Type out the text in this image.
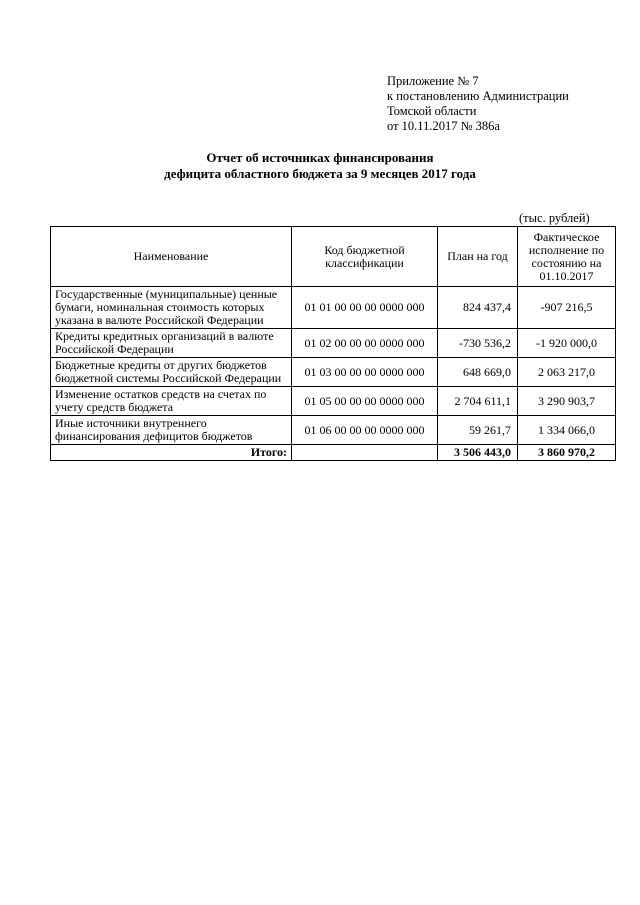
Приложение № 7
к постановлению Администрации
Томской области
от 10.11.2017 № 386а
Отчет об источниках финансирования
дефицита областного бюджета за 9 месяцев 2017 года
(тыс. рублей)
Наименование	Код бюджетной классификации	План на год	Фактическое исполнение по состоянию на 01.10.2017
Государственные (муниципальные) ценные бумаги, номинальная стоимость которых указана в валюте Российской Федерации	01 01 00 00 00 0000 000	824 437,4	-907 216,5
Кредиты кредитных организаций в валюте Российской Федерации	01 02 00 00 00 0000 000	-730 536,2	-1 920 000,0
Бюджетные кредиты от других бюджетов бюджетной системы Российской Федерации	01 03 00 00 00 0000 000	648 669,0	2 063 217,0
Изменение остатков средств на счетах по учету средств бюджета	01 05 00 00 00 0000 000	2 704 611,1	3 290 903,7
Иные источники внутреннего финансирования дефицитов бюджетов	01 06 00 00 00 0000 000	59 261,7	1 334 066,0
Итого:		3 506 443,0	3 860 970,2
